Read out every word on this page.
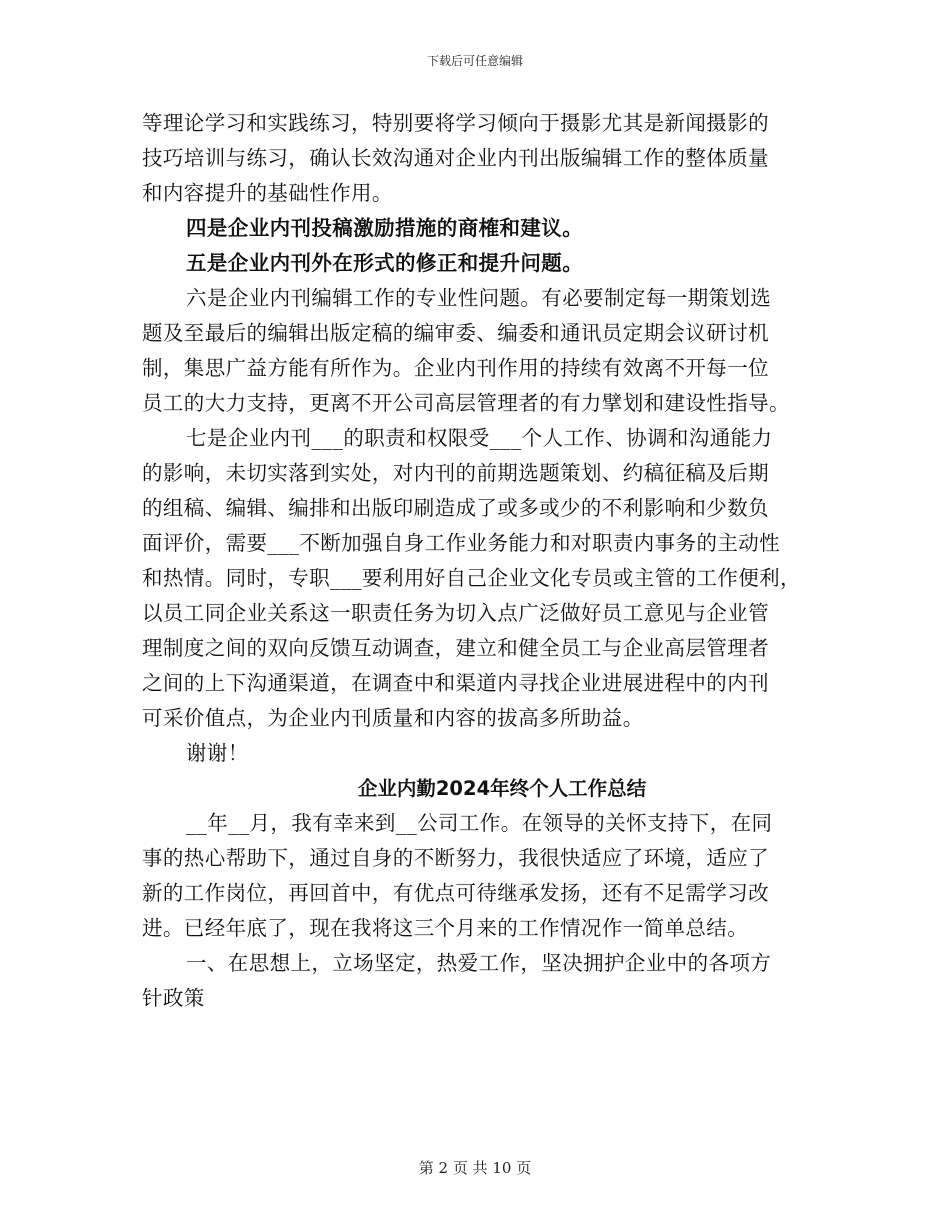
下载后可任意编辑
等理论学习和实践练习，特别要将学习倾向于摄影尤其是新闻摄影的
技巧培训与练习，确认长效沟通对企业内刊出版编辑工作的整体质量
和内容提升的基础性作用。
四是企业内刊投稿激励措施的商榷和建议。
五是企业内刊外在形式的修正和提升问题。
六是企业内刊编辑工作的专业性问题。有必要制定每一期策划选
题及至最后的编辑出版定稿的编审委、编委和通讯员定期会议研讨机
制，集思广益方能有所作为。企业内刊作用的持续有效离不开每一位
员工的大力支持，更离不开公司高层管理者的有力擘划和建设性指导。
七是企业内刊___的职责和权限受___个人工作、协调和沟通能力
的影响，未切实落到实处，对内刊的前期选题策划、约稿征稿及后期
的组稿、编辑、编排和出版印刷造成了或多或少的不利影响和少数负
面评价，需要___不断加强自身工作业务能力和对职责内事务的主动性
和热情。同时，专职___要利用好自己企业文化专员或主管的工作便利，
以员工同企业关系这一职责任务为切入点广泛做好员工意见与企业管
理制度之间的双向反馈互动调查，建立和健全员工与企业高层管理者
之间的上下沟通渠道，在调查中和渠道内寻找企业进展进程中的内刊
可采价值点，为企业内刊质量和内容的拔高多所助益。
谢谢！
企业内勤2024年终个人工作总结
__年__月，我有幸来到__公司工作。在领导的关怀支持下，在同
事的热心帮助下，通过自身的不断努力，我很快适应了环境，适应了
新的工作岗位，再回首中，有优点可待继承发扬，还有不足需学习改
进。已经年底了，现在我将这三个月来的工作情况作一简单总结。
一、在思想上，立场坚定，热爱工作，坚决拥护企业中的各项方
针政策
第 2 页 共 10 页
